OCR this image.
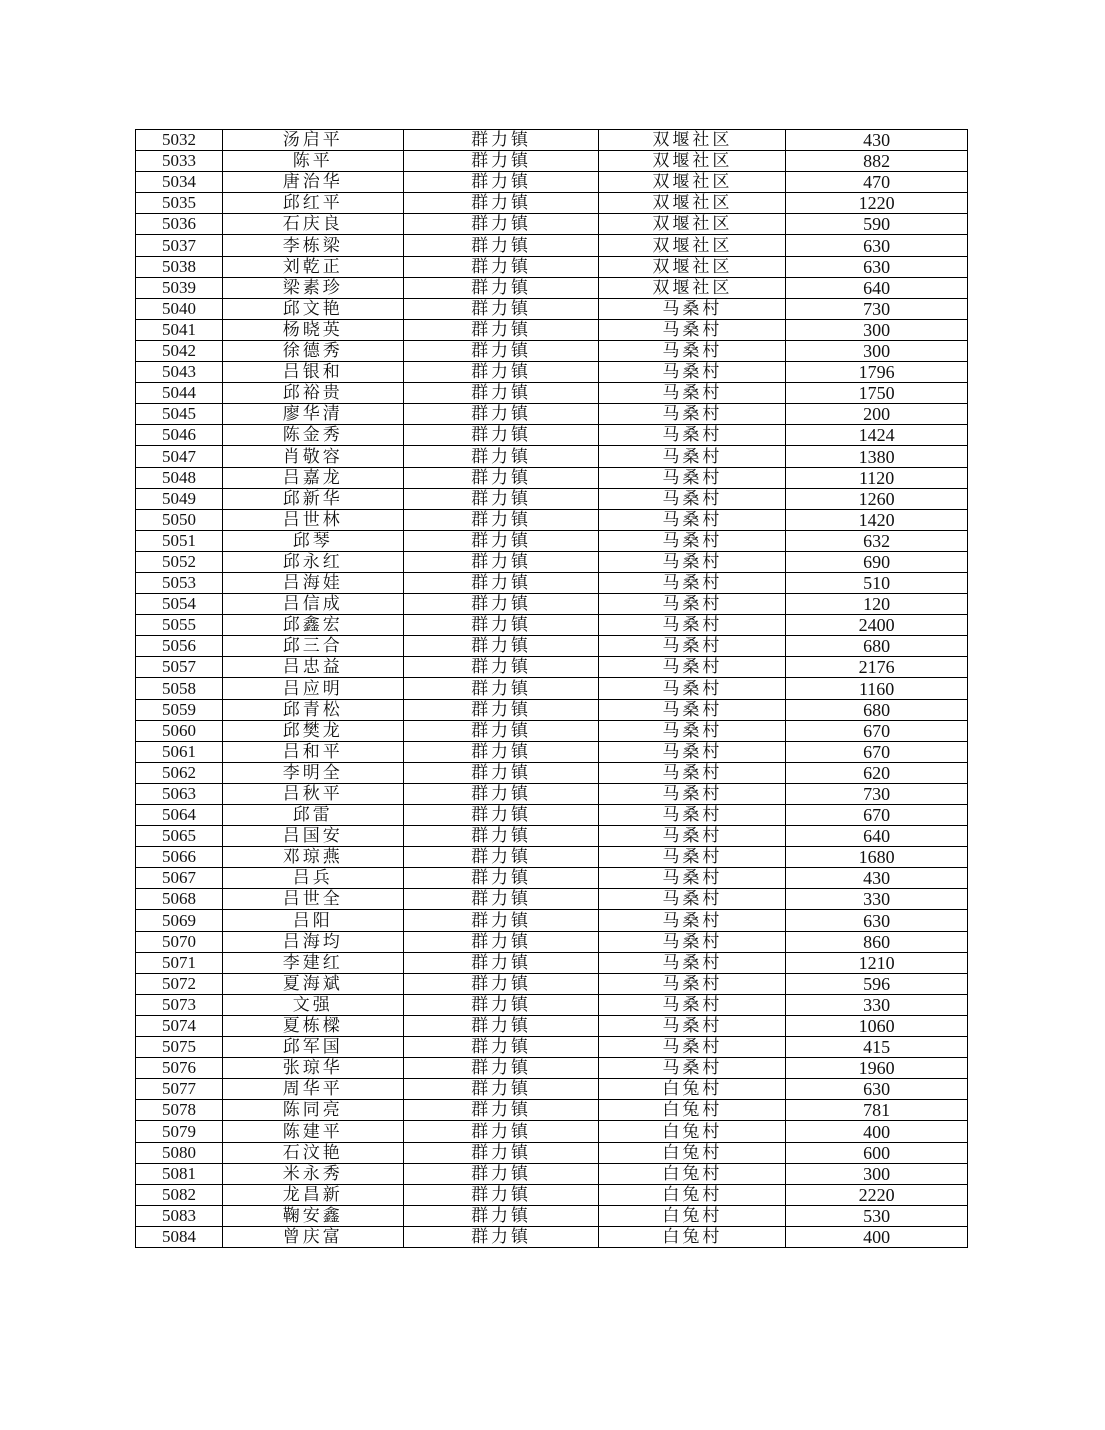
5032	汤启平	群力镇	双堰社区	430
5033	陈平	群力镇	双堰社区	882
5034	唐治华	群力镇	双堰社区	470
5035	邱红平	群力镇	双堰社区	1220
5036	石庆良	群力镇	双堰社区	590
5037	李栋梁	群力镇	双堰社区	630
5038	刘乾正	群力镇	双堰社区	630
5039	梁素珍	群力镇	双堰社区	640
5040	邱文艳	群力镇	马桑村	730
5041	杨晓英	群力镇	马桑村	300
5042	徐德秀	群力镇	马桑村	300
5043	吕银和	群力镇	马桑村	1796
5044	邱裕贵	群力镇	马桑村	1750
5045	廖华清	群力镇	马桑村	200
5046	陈金秀	群力镇	马桑村	1424
5047	肖敬容	群力镇	马桑村	1380
5048	吕嘉龙	群力镇	马桑村	1120
5049	邱新华	群力镇	马桑村	1260
5050	吕世林	群力镇	马桑村	1420
5051	邱琴	群力镇	马桑村	632
5052	邱永红	群力镇	马桑村	690
5053	吕海娃	群力镇	马桑村	510
5054	吕信成	群力镇	马桑村	120
5055	邱鑫宏	群力镇	马桑村	2400
5056	邱三合	群力镇	马桑村	680
5057	吕忠益	群力镇	马桑村	2176
5058	吕应明	群力镇	马桑村	1160
5059	邱青松	群力镇	马桑村	680
5060	邱樊龙	群力镇	马桑村	670
5061	吕和平	群力镇	马桑村	670
5062	李明全	群力镇	马桑村	620
5063	吕秋平	群力镇	马桑村	730
5064	邱雷	群力镇	马桑村	670
5065	吕国安	群力镇	马桑村	640
5066	邓琼燕	群力镇	马桑村	1680
5067	吕兵	群力镇	马桑村	430
5068	吕世全	群力镇	马桑村	330
5069	吕阳	群力镇	马桑村	630
5070	吕海均	群力镇	马桑村	860
5071	李建红	群力镇	马桑村	1210
5072	夏海斌	群力镇	马桑村	596
5073	文强	群力镇	马桑村	330
5074	夏栋樑	群力镇	马桑村	1060
5075	邱军国	群力镇	马桑村	415
5076	张琼华	群力镇	马桑村	1960
5077	周华平	群力镇	白兔村	630
5078	陈同亮	群力镇	白兔村	781
5079	陈建平	群力镇	白兔村	400
5080	石汶艳	群力镇	白兔村	600
5081	米永秀	群力镇	白兔村	300
5082	龙昌新	群力镇	白兔村	2220
5083	鞠安鑫	群力镇	白兔村	530
5084	曾庆富	群力镇	白兔村	400
